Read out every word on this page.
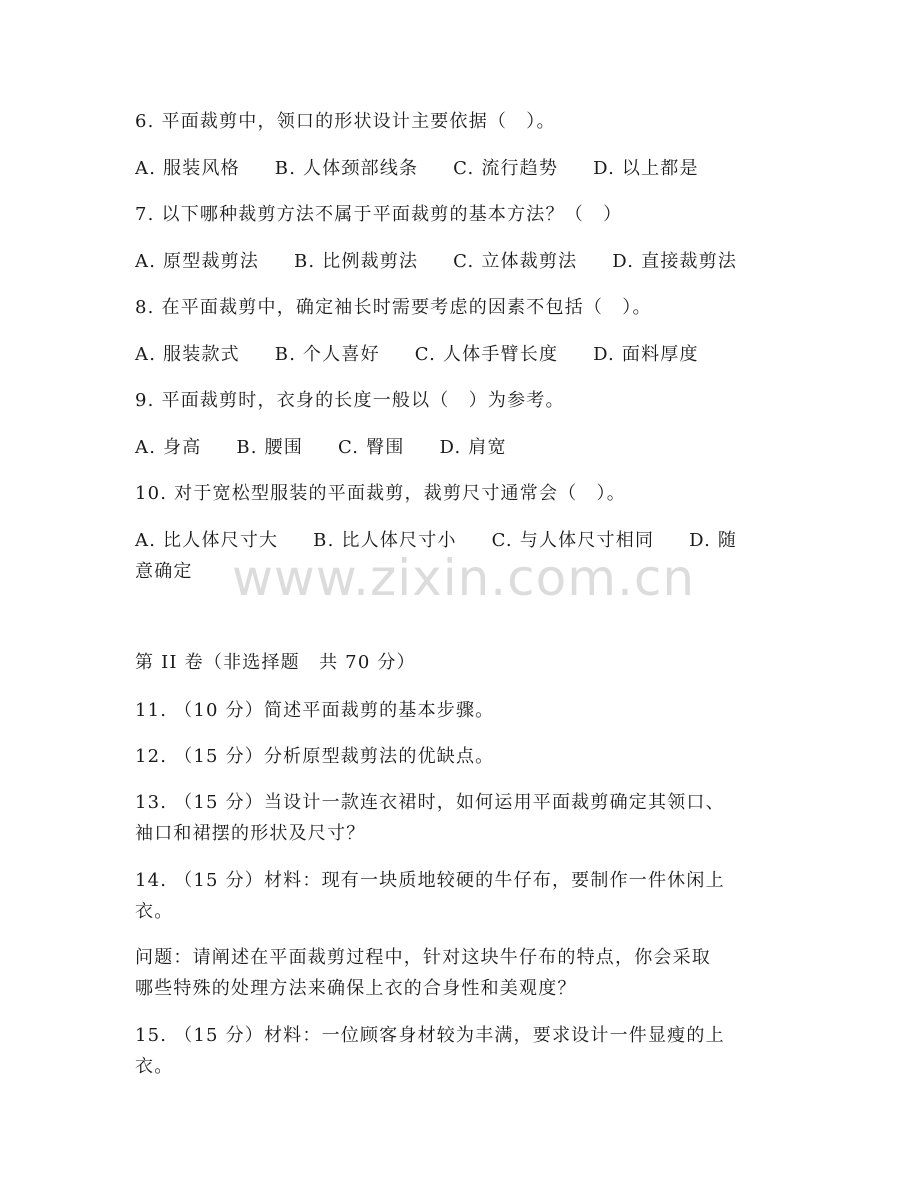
6. 平面裁剪中，领口的形状设计主要依据（　）。
A. 服装风格 B. 人体颈部线条 C. 流行趋势 D. 以上都是
7. 以下哪种裁剪方法不属于平面裁剪的基本方法？（　）
A. 原型裁剪法 B. 比例裁剪法 C. 立体裁剪法 D. 直接裁剪法
8. 在平面裁剪中，确定袖长时需要考虑的因素不包括（　）。
A. 服装款式 B. 个人喜好 C. 人体手臂长度 D. 面料厚度
9. 平面裁剪时，衣身的长度一般以（　）为参考。
A. 身高 B. 腰围 C. 臀围 D. 肩宽
10. 对于宽松型服装的平面裁剪，裁剪尺寸通常会（　）。
A. 比人体尺寸大 B. 比人体尺寸小 C. 与人体尺寸相同 D. 随
意确定 www.zixin.com.cn
第 II 卷（非选择题　共 70 分）
11. （10 分）简述平面裁剪的基本步骤。
12. （15 分）分析原型裁剪法的优缺点。
13. （15 分）当设计一款连衣裙时，如何运用平面裁剪确定其领口、
袖口和裙摆的形状及尺寸？
14. （15 分）材料：现有一块质地较硬的牛仔布，要制作一件休闲上
衣。
问题：请阐述在平面裁剪过程中，针对这块牛仔布的特点，你会采取
哪些特殊的处理方法来确保上衣的合身性和美观度？
15. （15 分）材料：一位顾客身材较为丰满，要求设计一件显瘦的上
衣。
